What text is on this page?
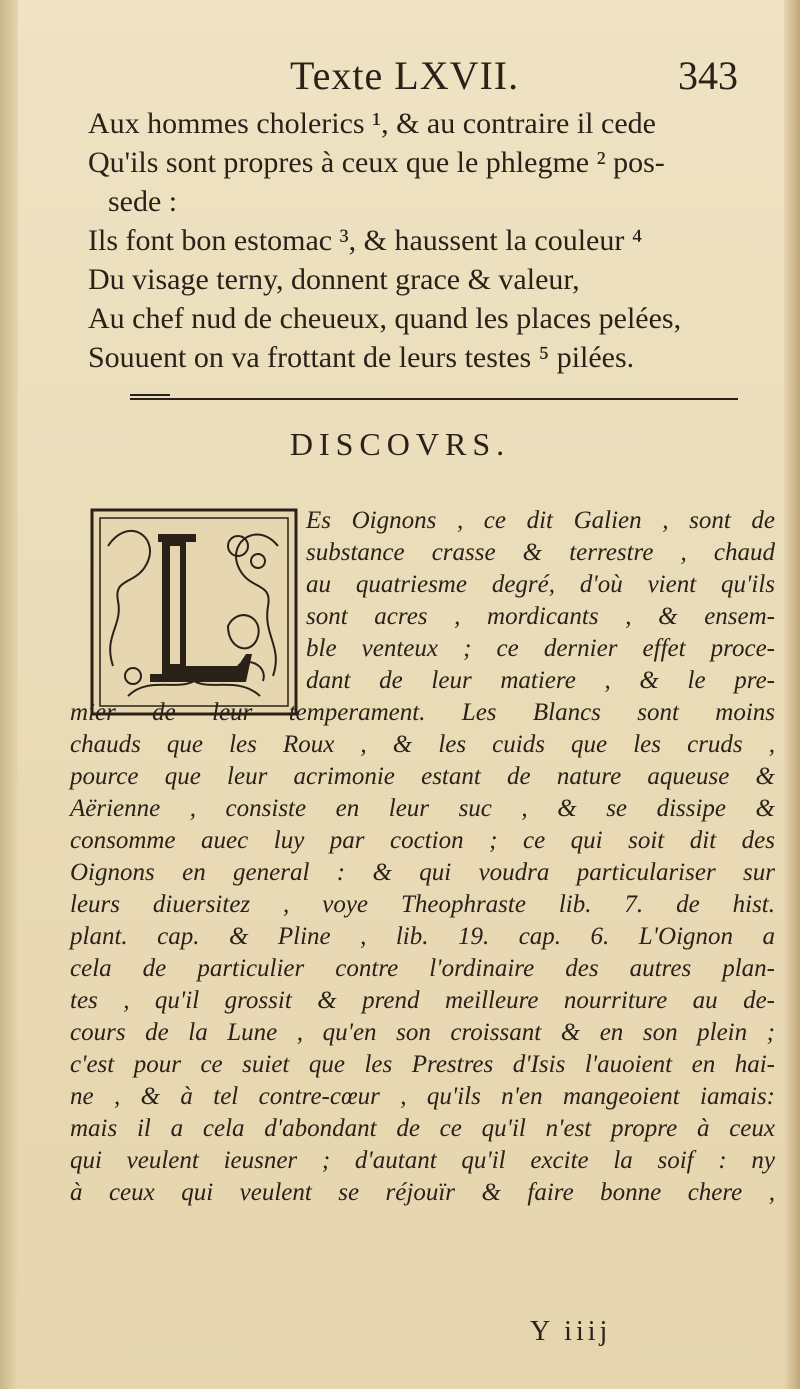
Texte LXVII.	343
Aux hommes cholerics ¹, & au contraire il cede
Qu'ils sont propres à ceux que le phlegme ² pos-
sede :
Ils font bon estomac ³, & haussent la couleur ⁴
Du visage terny, donnent grace & valeur,
Au chef nud de cheueux, quand les places pelées,
Souuent on va frottant de leurs testes ⁵ pilées.
DISCOVRS.
Es Oignons , ce dit Galien , sont de
substance crasse & terrestre , chaud
au quatriesme degré, d'où vient qu'ils
sont acres , mordicants , & ensem-
ble venteux ; ce dernier effet proce-
dant de leur matiere , & le pre-
mier de leur temperament. Les Blancs sont moins
chauds que les Roux , & les cuids que les cruds ,
pource que leur acrimonie estant de nature aqueuse &
Aërienne , consiste en leur suc , & se dissipe &
consomme auec luy par coction ; ce qui soit dit des
Oignons en general : & qui voudra particulariser sur
leurs diuersitez , voye Theophraste lib. 7. de hist.
plant. cap. & Pline , lib. 19. cap. 6. L'Oignon a
cela de particulier contre l'ordinaire des autres plan-
tes , qu'il grossit & prend meilleure nourriture au de-
cours de la Lune , qu'en son croissant & en son plein ;
c'est pour ce suiet que les Prestres d'Isis l'auoient en hai-
ne , & à tel contre-cœur , qu'ils n'en mangeoient iamais:
mais il a cela d'abondant de ce qu'il n'est propre à ceux
qui veulent ieusner ; d'autant qu'il excite la soif : ny
à ceux qui veulent se réjouïr & faire bonne chere ,
Y iiij
